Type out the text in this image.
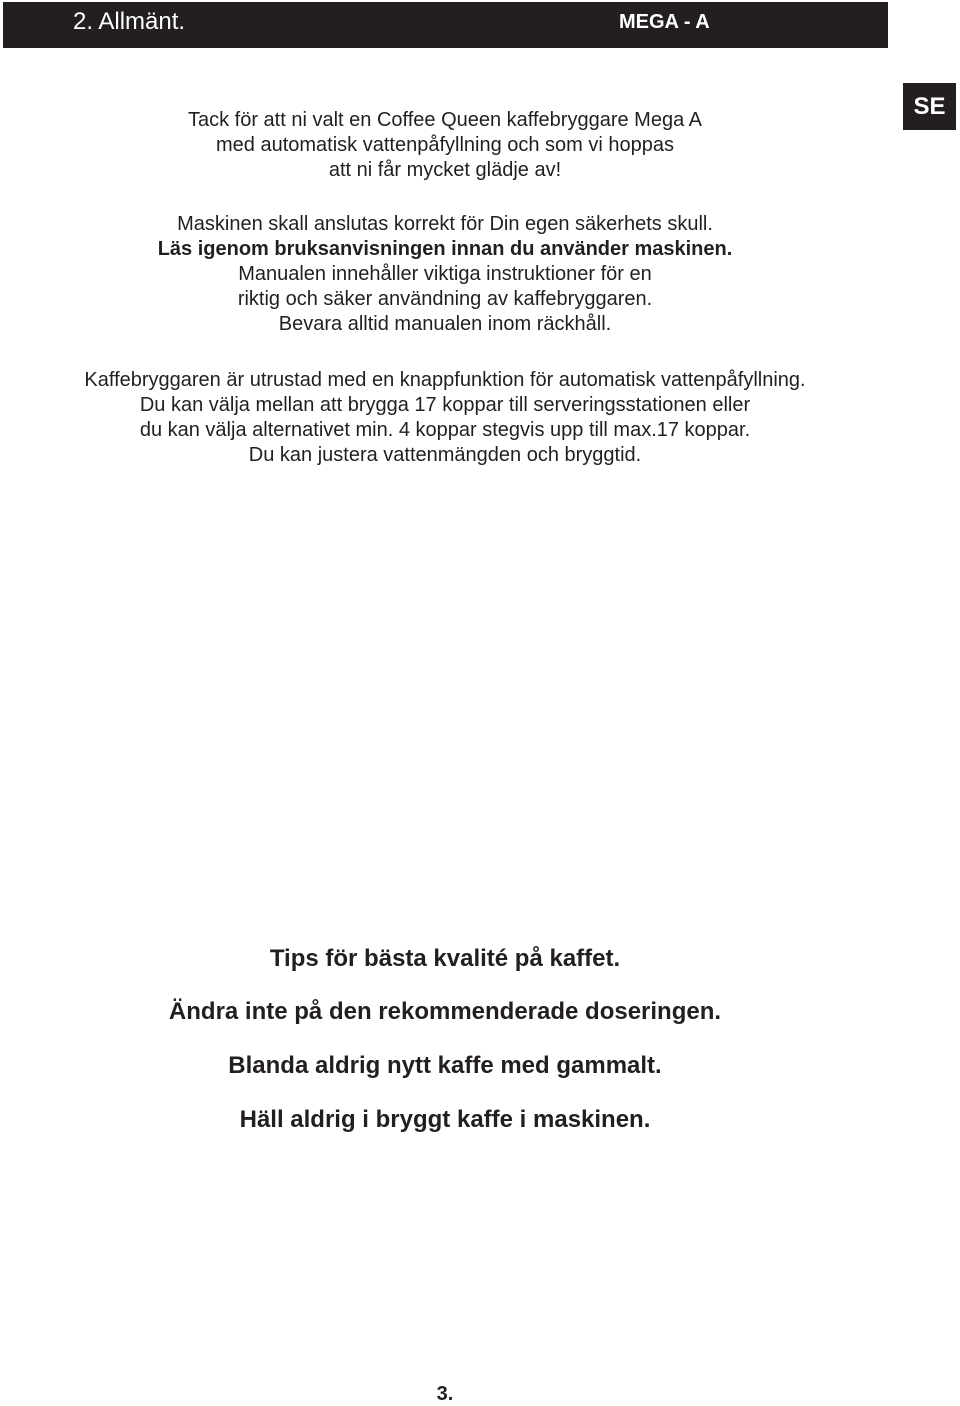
2. Allmänt.	MEGA - A
SE
Tack för att ni valt en Coffee Queen kaffebryggare Mega A
med automatisk vattenpåfyllning och som vi hoppas
att ni får mycket glädje av!
Maskinen skall anslutas korrekt för Din egen säkerhets skull.
Läs igenom bruksanvisningen innan du använder maskinen.
Manualen innehåller viktiga instruktioner för en
riktig och säker användning av kaffebryggaren.
Bevara alltid manualen inom räckhåll.
Kaffebryggaren är utrustad med en knappfunktion för automatisk vattenpåfyllning.
Du kan välja mellan att brygga 17 koppar till serveringsstationen eller
du kan välja alternativet min. 4 koppar stegvis upp till max.17 koppar.
Du kan justera vattenmängden och bryggtid.
Tips för bästa kvalité på kaffet.
Ändra inte på den rekommenderade doseringen.
Blanda aldrig nytt kaffe med gammalt.
Häll aldrig i bryggt kaffe i maskinen.
3.
